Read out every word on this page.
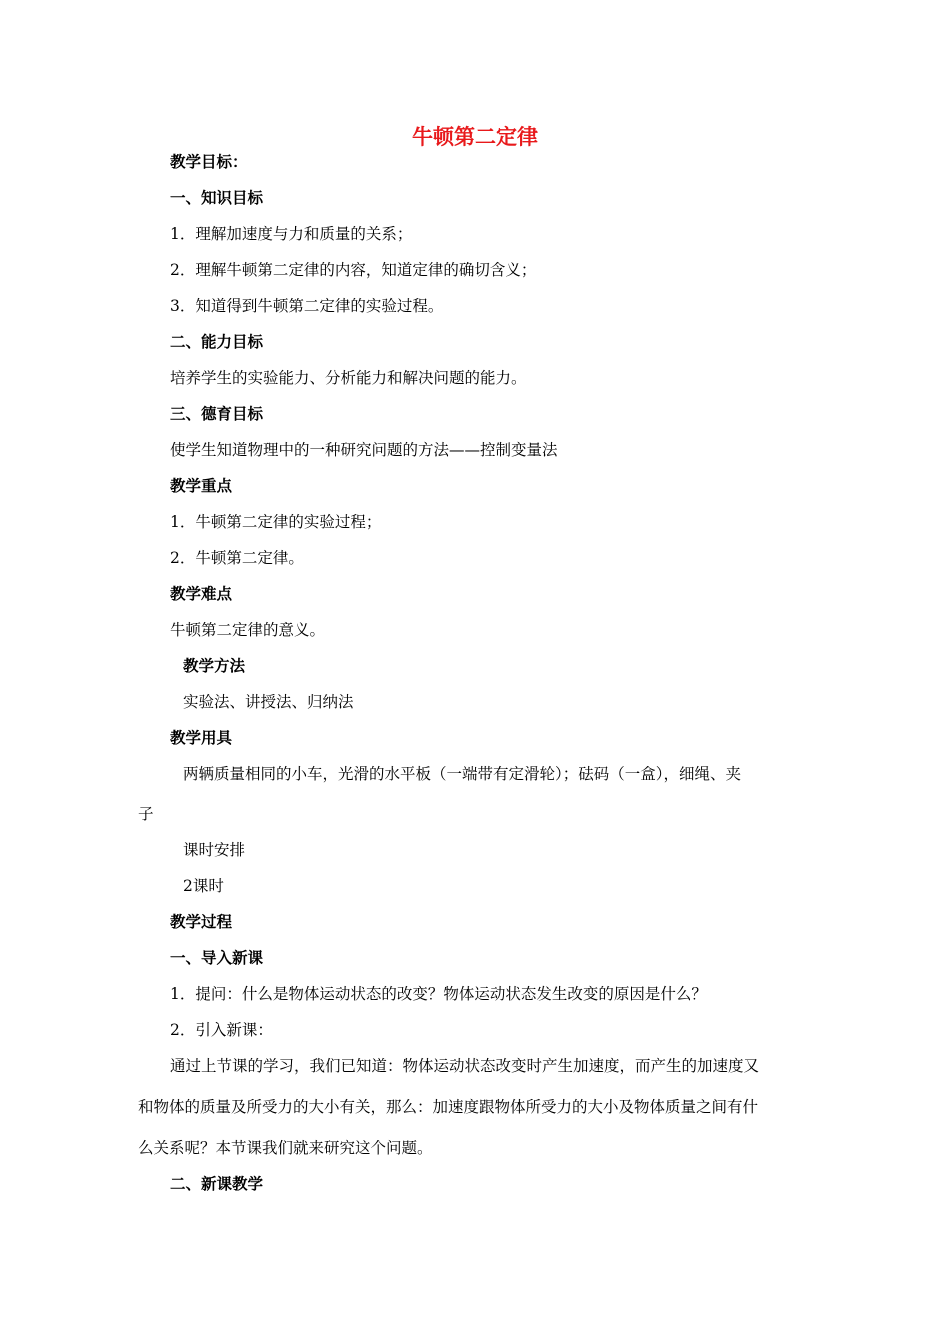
牛顿第二定律
教学目标：
一、知识目标
1．理解加速度与力和质量的关系；
2．理解牛顿第二定律的内容，知道定律的确切含义；
3．知道得到牛顿第二定律的实验过程。
二、能力目标
培养学生的实验能力、分析能力和解决问题的能力。
三、德育目标
使学生知道物理中的一种研究问题的方法——控制变量法
教学重点
1．牛顿第二定律的实验过程；
2．牛顿第二定律。
教学难点
牛顿第二定律的意义。
教学方法
实验法、讲授法、归纳法
教学用具
两辆质量相同的小车，光滑的水平板（一端带有定滑轮）；砝码（一盒），细绳、夹
子
课时安排
2课时
教学过程
一、导入新课
1．提问：什么是物体运动状态的改变？物体运动状态发生改变的原因是什么？
2．引入新课：
通过上节课的学习，我们已知道：物体运动状态改变时产生加速度，而产生的加速度又
和物体的质量及所受力的大小有关，那么：加速度跟物体所受力的大小及物体质量之间有什
么关系呢？本节课我们就来研究这个问题。
二、新课教学
